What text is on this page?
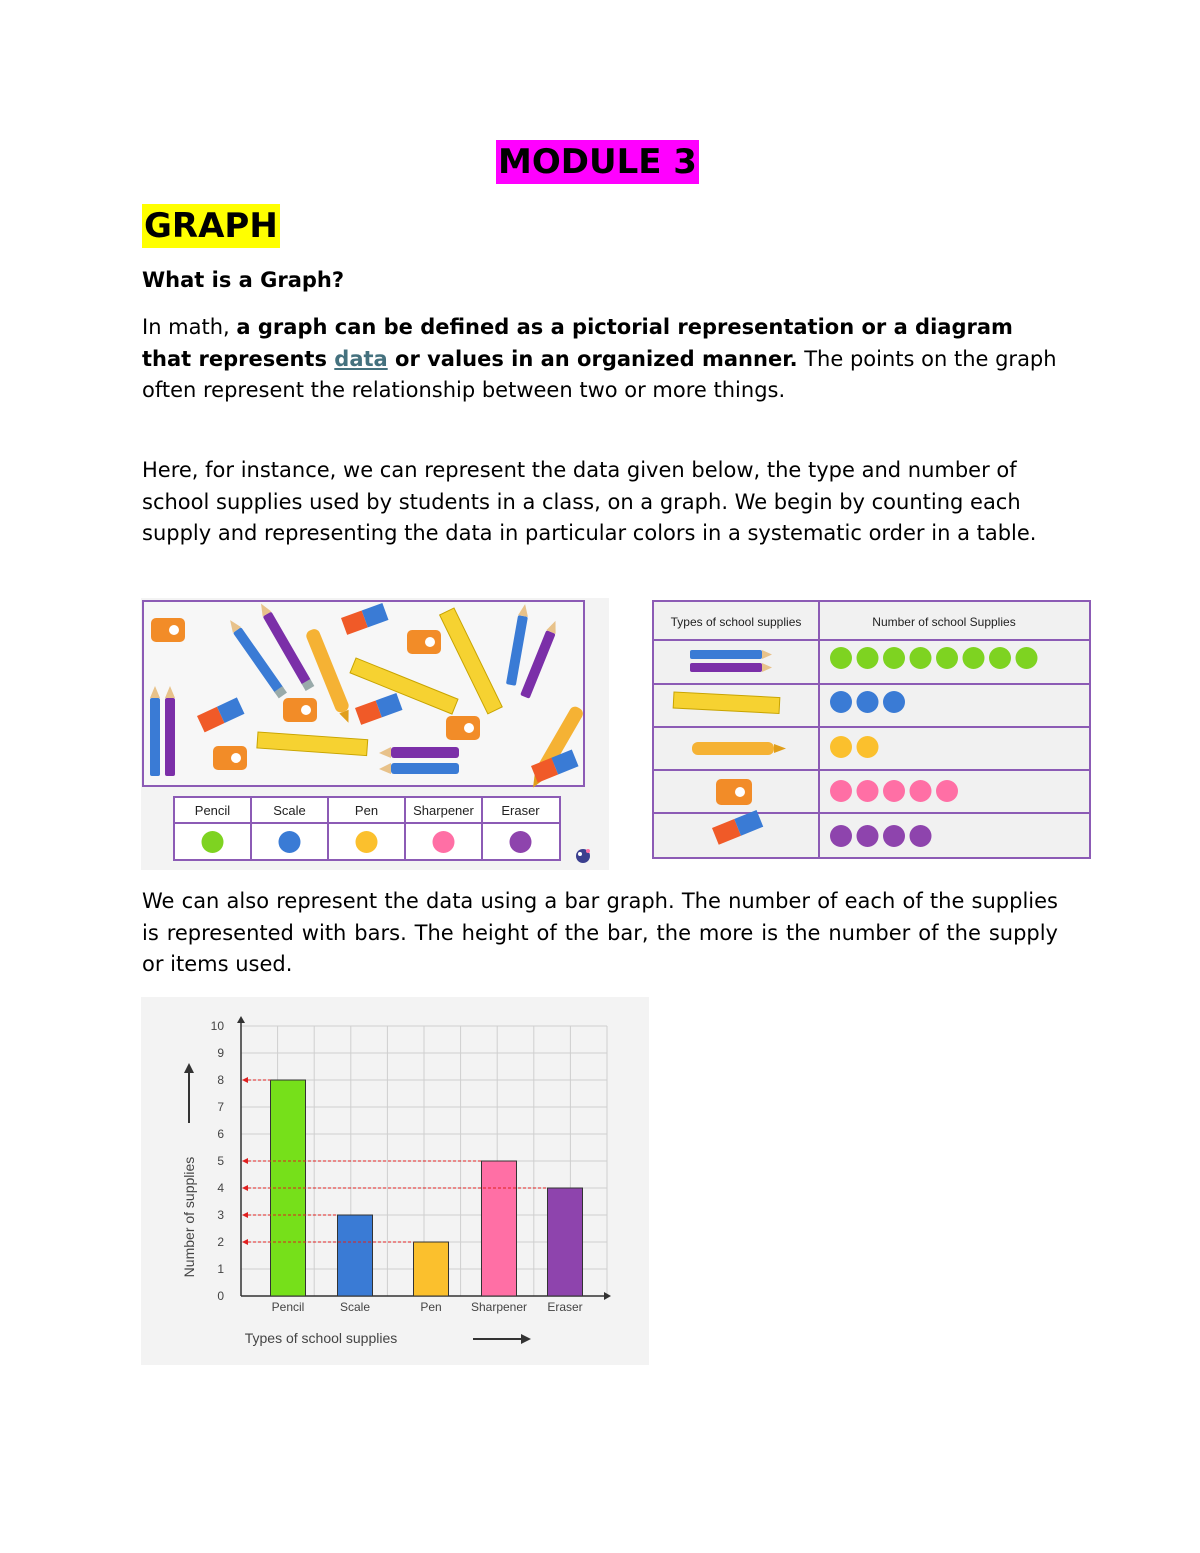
MODULE 3
GRAPH
What is a Graph?
In math, a graph can be defined as a pictorial representation or a diagram that represents data or values in an organized manner. The points on the graph often represent the relationship between two or more things.
Here, for instance, we can represent the data given below, the type and number of school supplies used by students in a class, on a graph. We begin by counting each supply and representing the data in particular colors in a systematic order in a table.
Pencil	Scale	Pen	Sharpener Eraser
Types of school supplies	Number of school Supplies
We can also represent the data using a bar graph. The number of each of the supplies is represented with bars. The height of the bar, the more is the number of the supply or items used.
0
1
2
3
4
5
6
7
8
9
10
Pencil	Scale	Pen Sharpener Eraser
Types of school supplies
Number of supplies
